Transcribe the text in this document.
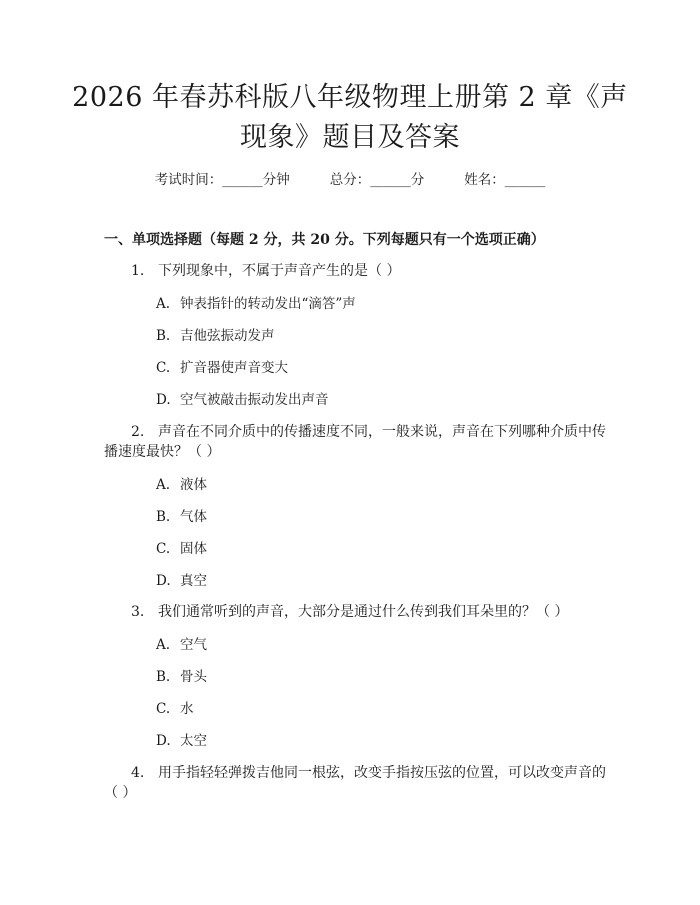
2026 年春苏科版八年级物理上册第 2 章《声
现象》题目及答案
考试时间：______分钟	总分：______分	姓名：______
一、单项选择题（每题 2 分，共 20 分。下列每题只有一个选项正确）
1. 下列现象中，不属于声音产生的是（ ）
A. 钟表指针的转动发出“滴答”声
B. 吉他弦振动发声
C. 扩音器使声音变大
D. 空气被敲击振动发出声音
2. 声音在不同介质中的传播速度不同，一般来说，声音在下列哪种介质中传
播速度最快？（ ）
A. 液体
B. 气体
C. 固体
D. 真空
3. 我们通常听到的声音，大部分是通过什么传到我们耳朵里的？（ ）
A. 空气
B. 骨头
C. 水
D. 太空
4. 用手指轻轻弹拨吉他同一根弦，改变手指按压弦的位置，可以改变声音的
（ ）
